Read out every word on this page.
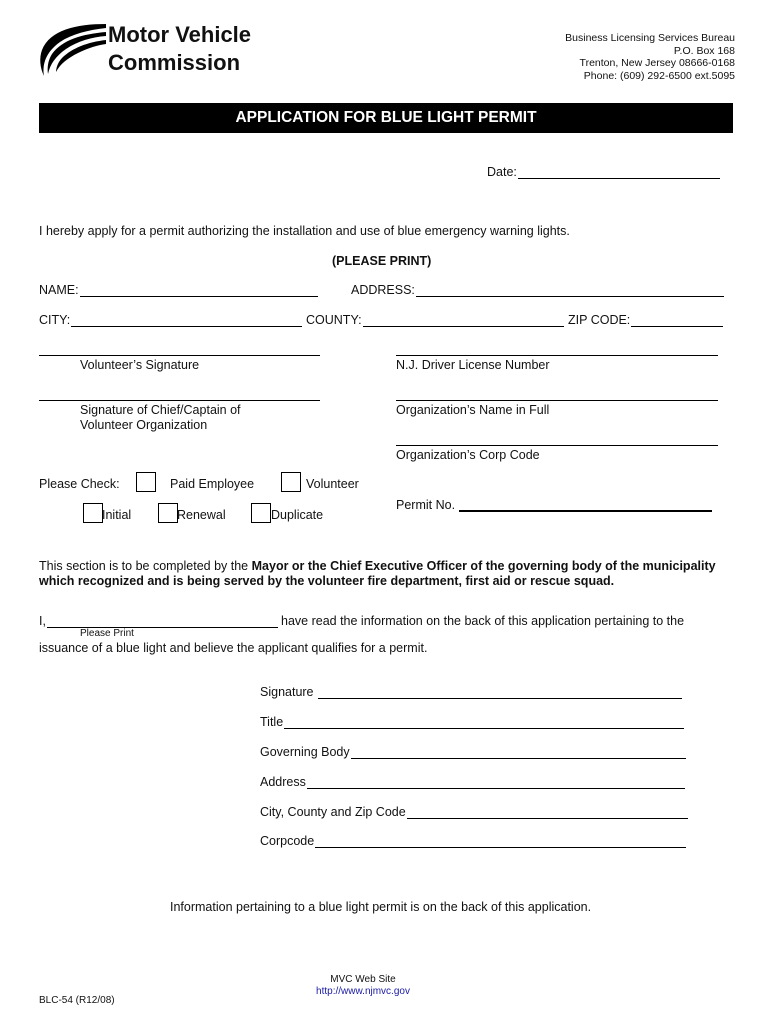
Motor Vehicle
Commission
Business Licensing Services Bureau
P.O. Box 168
Trenton, New Jersey 08666-0168
Phone: (609) 292-6500 ext.5095
APPLICATION FOR BLUE LIGHT PERMIT
Date:
I hereby apply for a permit authorizing the installation and use of blue emergency warning lights.
(PLEASE PRINT)
NAME:	ADDRESS:
CITY:	COUNTY:	ZIP CODE:
Volunteer’s Signature	N.J. Driver License Number
Signature of Chief/Captain of
Volunteer Organization
Organization’s Name in Full
Organization’s Corp Code
Please Check:	Paid Employee	Volunteer
Initial	Renewal	Duplicate
Permit No.
This section is to be completed by the Mayor or the Chief Executive Officer of the governing body of the municipality
which recognized and is being served by the volunteer fire department, first aid or rescue squad.
I,	have read the information on the back of this application pertaining to the
Please Print
issuance of a blue light and believe the applicant qualifies for a permit.
Signature
Title
Governing Body
Address
City, County and Zip Code
Corpcode
Information pertaining to a blue light permit is on the back of this application.
MVC Web Site
http://www.njmvc.gov
BLC-54 (R12/08)
